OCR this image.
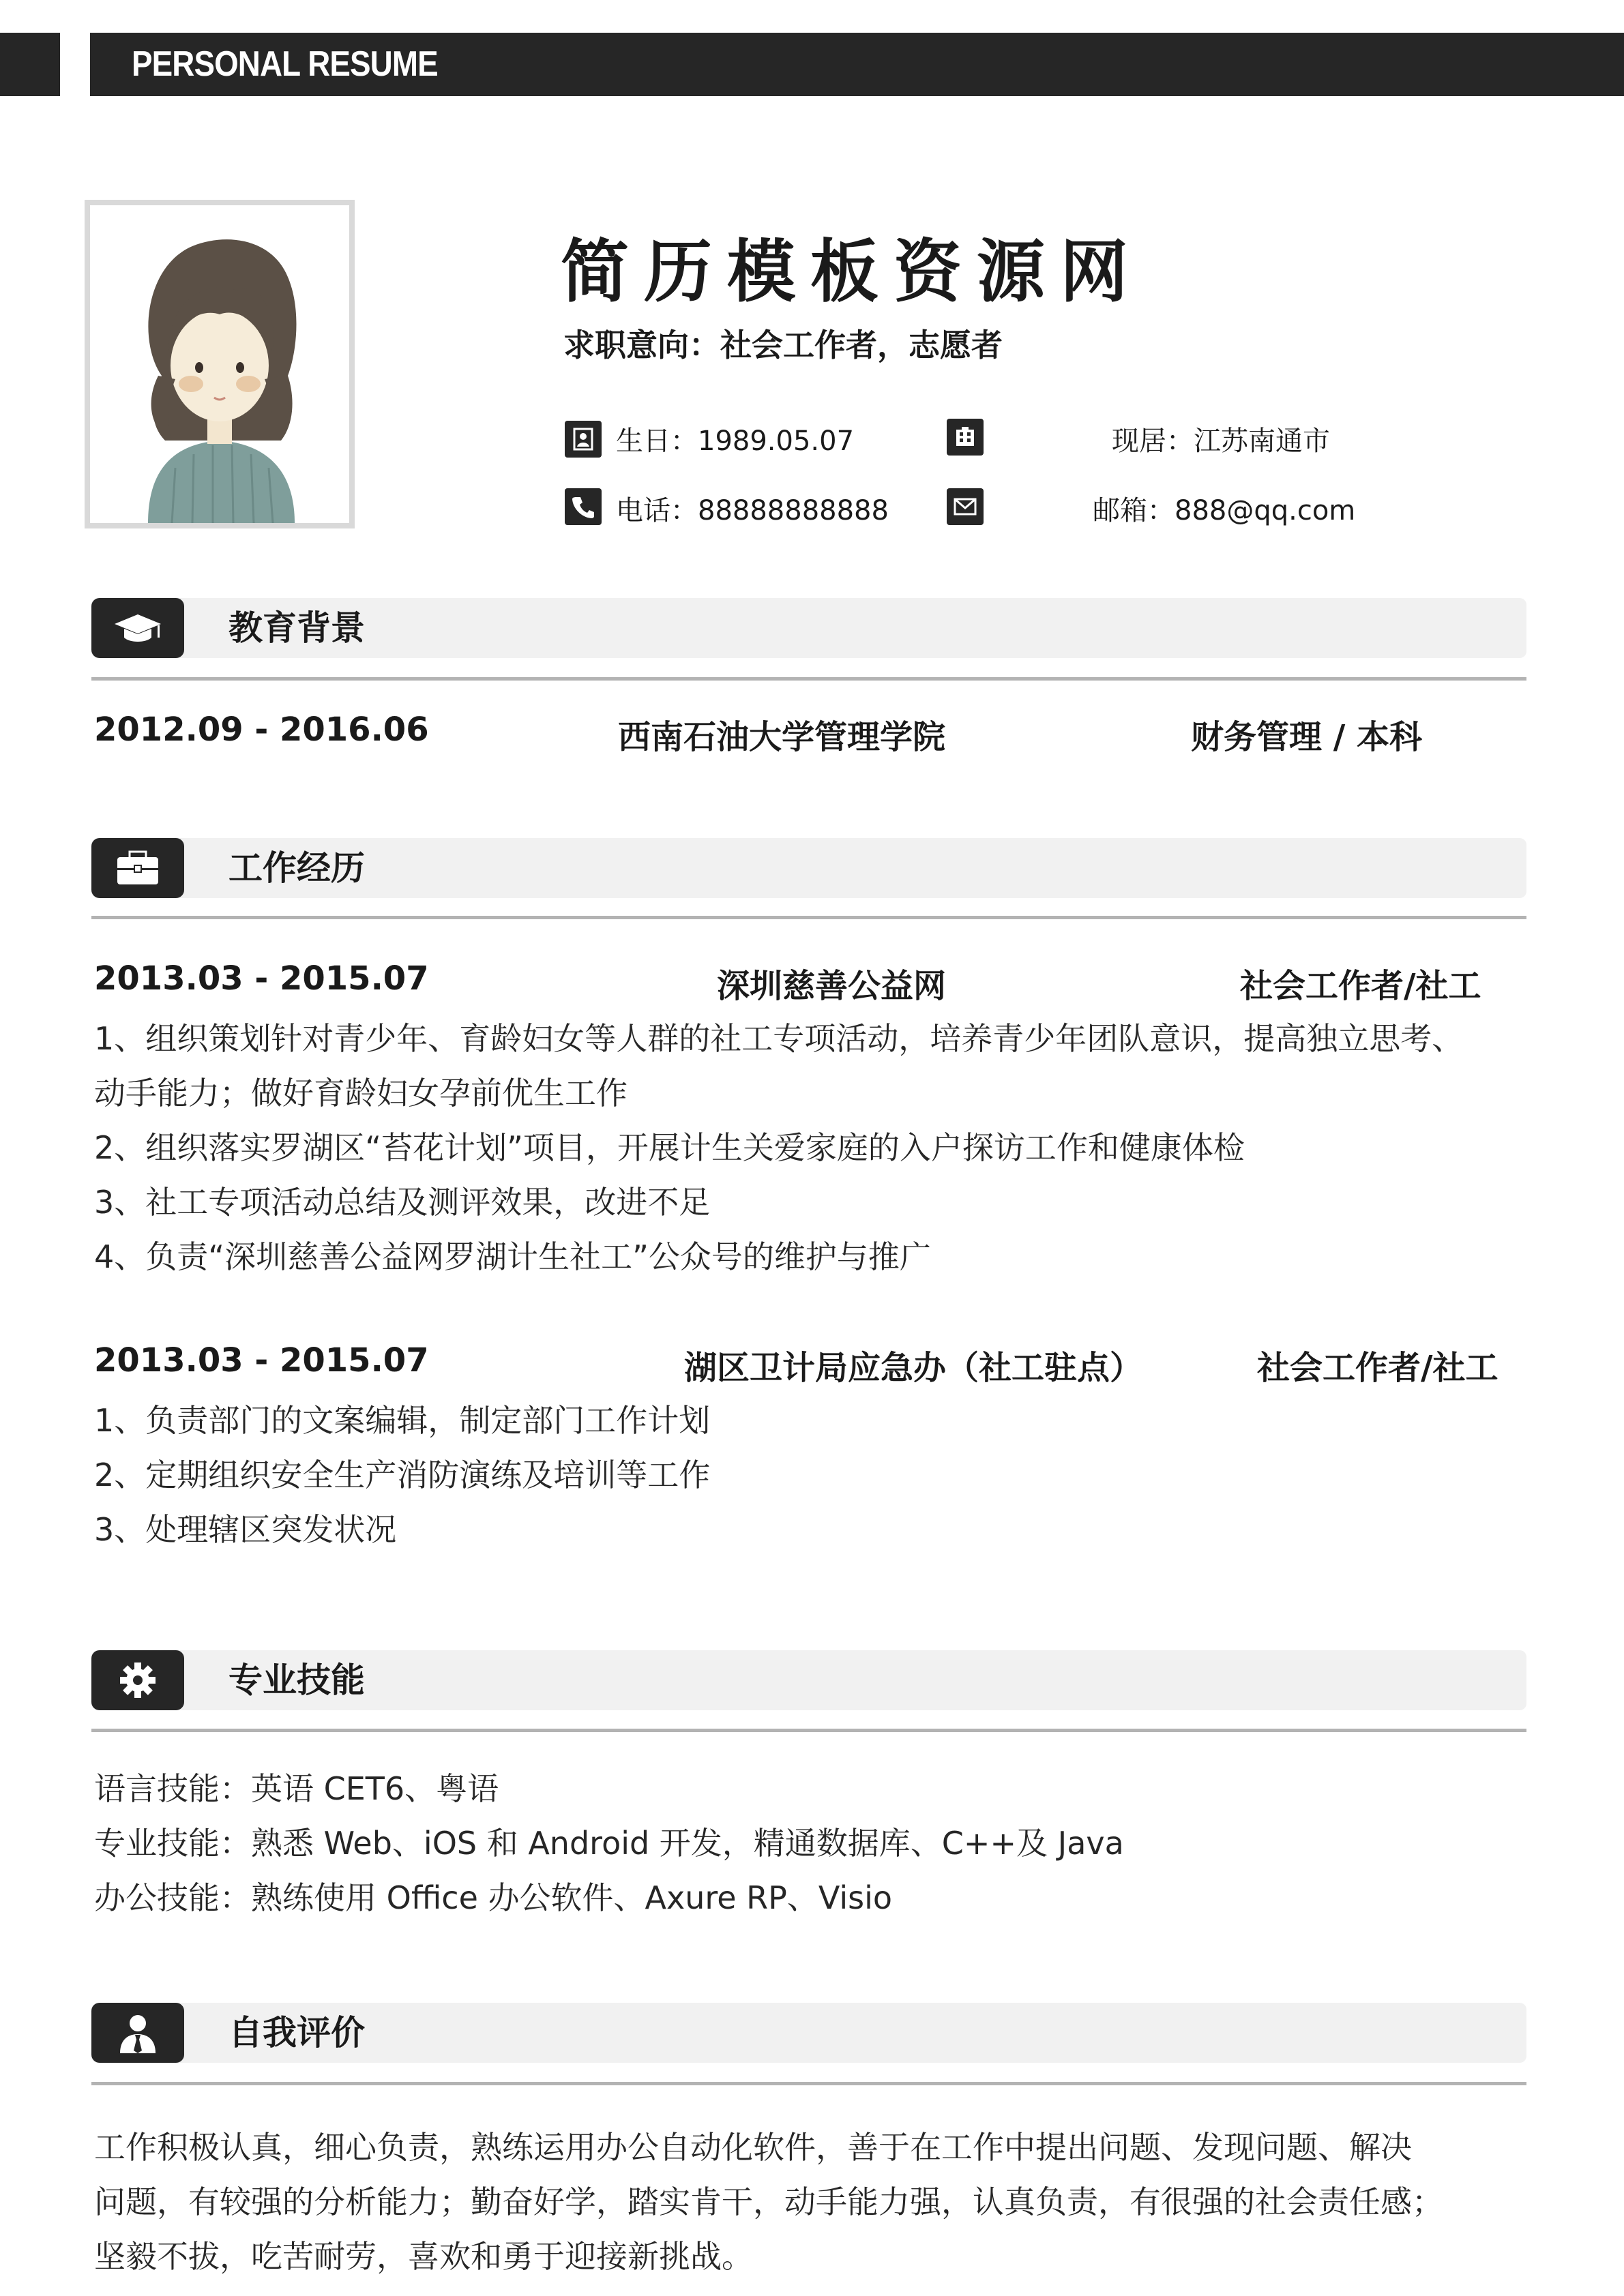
PERSONAL RESUME
简历模板资源网
求职意向：社会工作者，志愿者
生日：1989.05.07	现居：江苏南通市
电话：88888888888	邮箱：888@qq.com
教育背景
2012.09 - 2016.06	西南石油大学管理学院	财务管理 / 本科
工作经历
2013.03 - 2015.07	深圳慈善公益网	社会工作者/社工
1、组织策划针对青少年、育龄妇女等人群的社工专项活动，培养青少年团队意识，提高独立思考、
动手能力；做好育龄妇女孕前优生工作
2、组织落实罗湖区“苔花计划”项目，开展计生关爱家庭的入户探访工作和健康体检
3、社工专项活动总结及测评效果，改进不足
4、负责“深圳慈善公益网罗湖计生社工”公众号的维护与推广
2013.03 - 2015.07	湖区卫计局应急办（社工驻点）	社会工作者/社工
1、负责部门的文案编辑，制定部门工作计划
2、定期组织安全生产消防演练及培训等工作
3、处理辖区突发状况
专业技能
语言技能：英语 CET6、粤语
专业技能：熟悉 Web、iOS 和 Android 开发，精通数据库、C++及 Java
办公技能：熟练使用 Office 办公软件、Axure RP、Visio
自我评价
工作积极认真，细心负责，熟练运用办公自动化软件，善于在工作中提出问题、发现问题、解决
问题，有较强的分析能力；勤奋好学，踏实肯干，动手能力强，认真负责，有很强的社会责任感；
坚毅不拔，吃苦耐劳，喜欢和勇于迎接新挑战。
